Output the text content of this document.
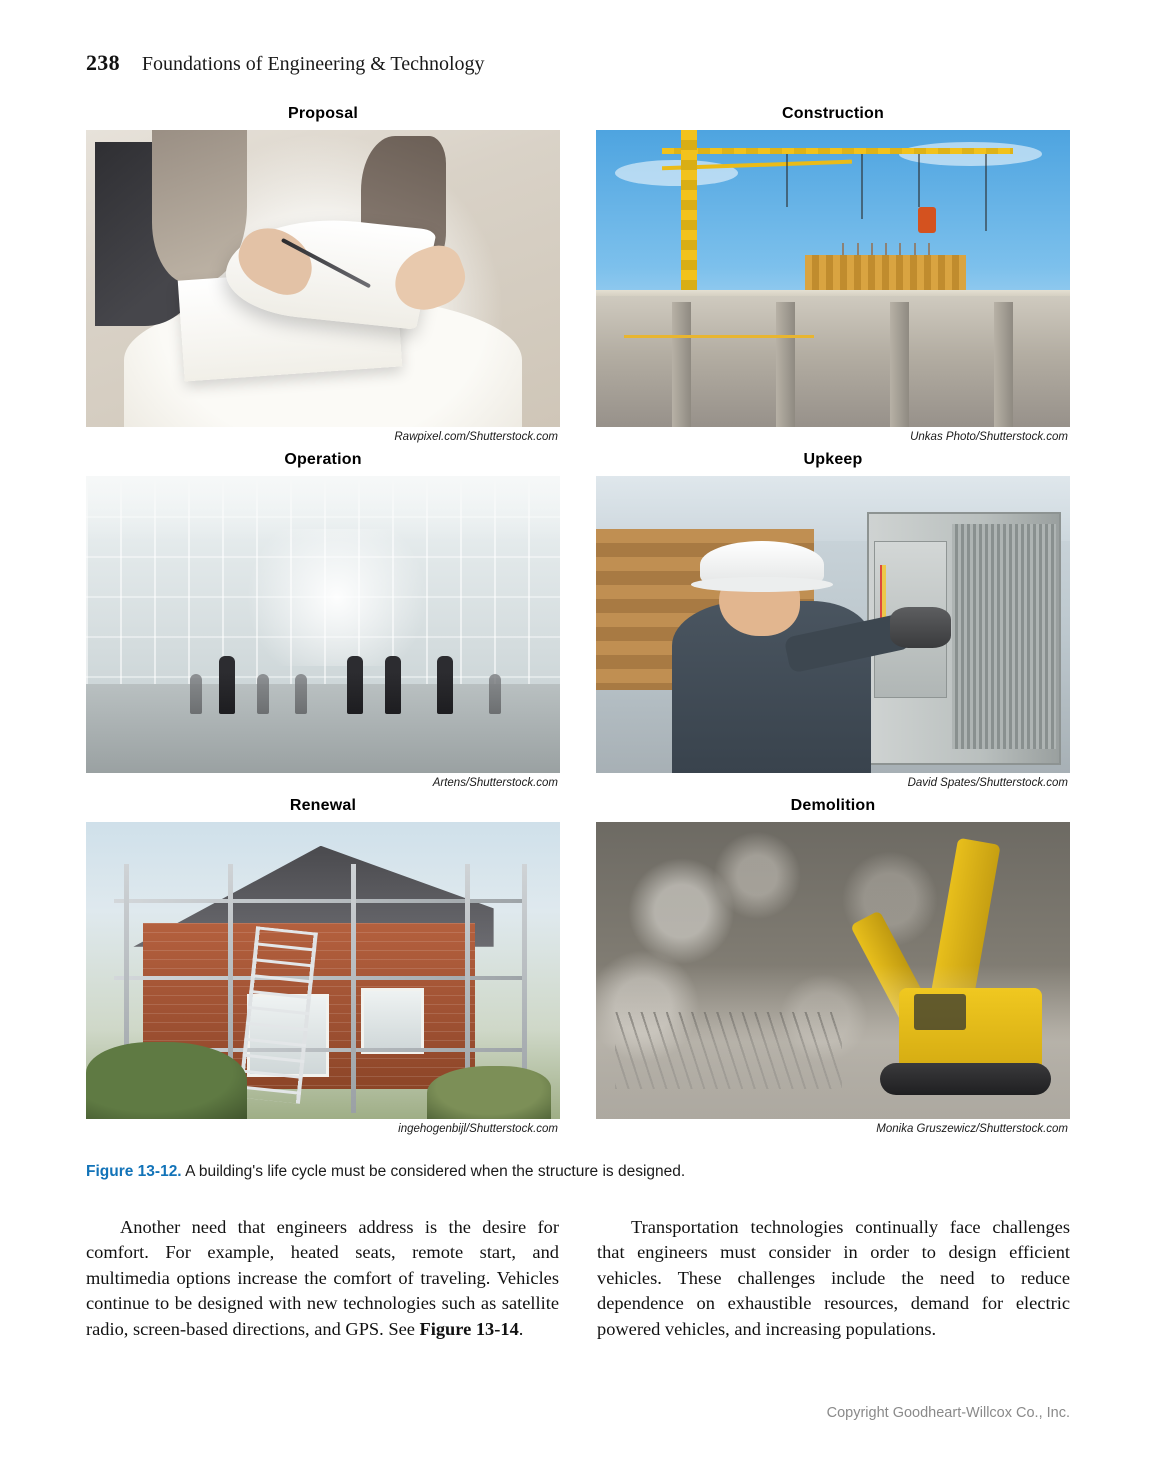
238 Foundations of Engineering & Technology
Proposal
Rawpixel.com/Shutterstock.com
Construction
Unkas Photo/Shutterstock.com
Operation
Artens/Shutterstock.com
Upkeep
David Spates/Shutterstock.com
Renewal
ingehogenbijl/Shutterstock.com
Demolition
Monika Gruszewicz/Shutterstock.com
Figure 13-12. A building's life cycle must be considered when the structure is designed.

Another need that engineers address is the desire for comfort. For example, heated seats, remote start, and multimedia options increase the comfort of traveling. Vehicles continue to be designed with new technologies such as satellite radio, screen-based directions, and GPS. See Figure 13-14.

Transportation technologies continually face challenges that engineers must consider in order to design efficient vehicles. These challenges include the need to reduce dependence on exhaustible resources, demand for electric powered vehicles, and increasing populations.

Copyright Goodheart-Willcox Co., Inc.
